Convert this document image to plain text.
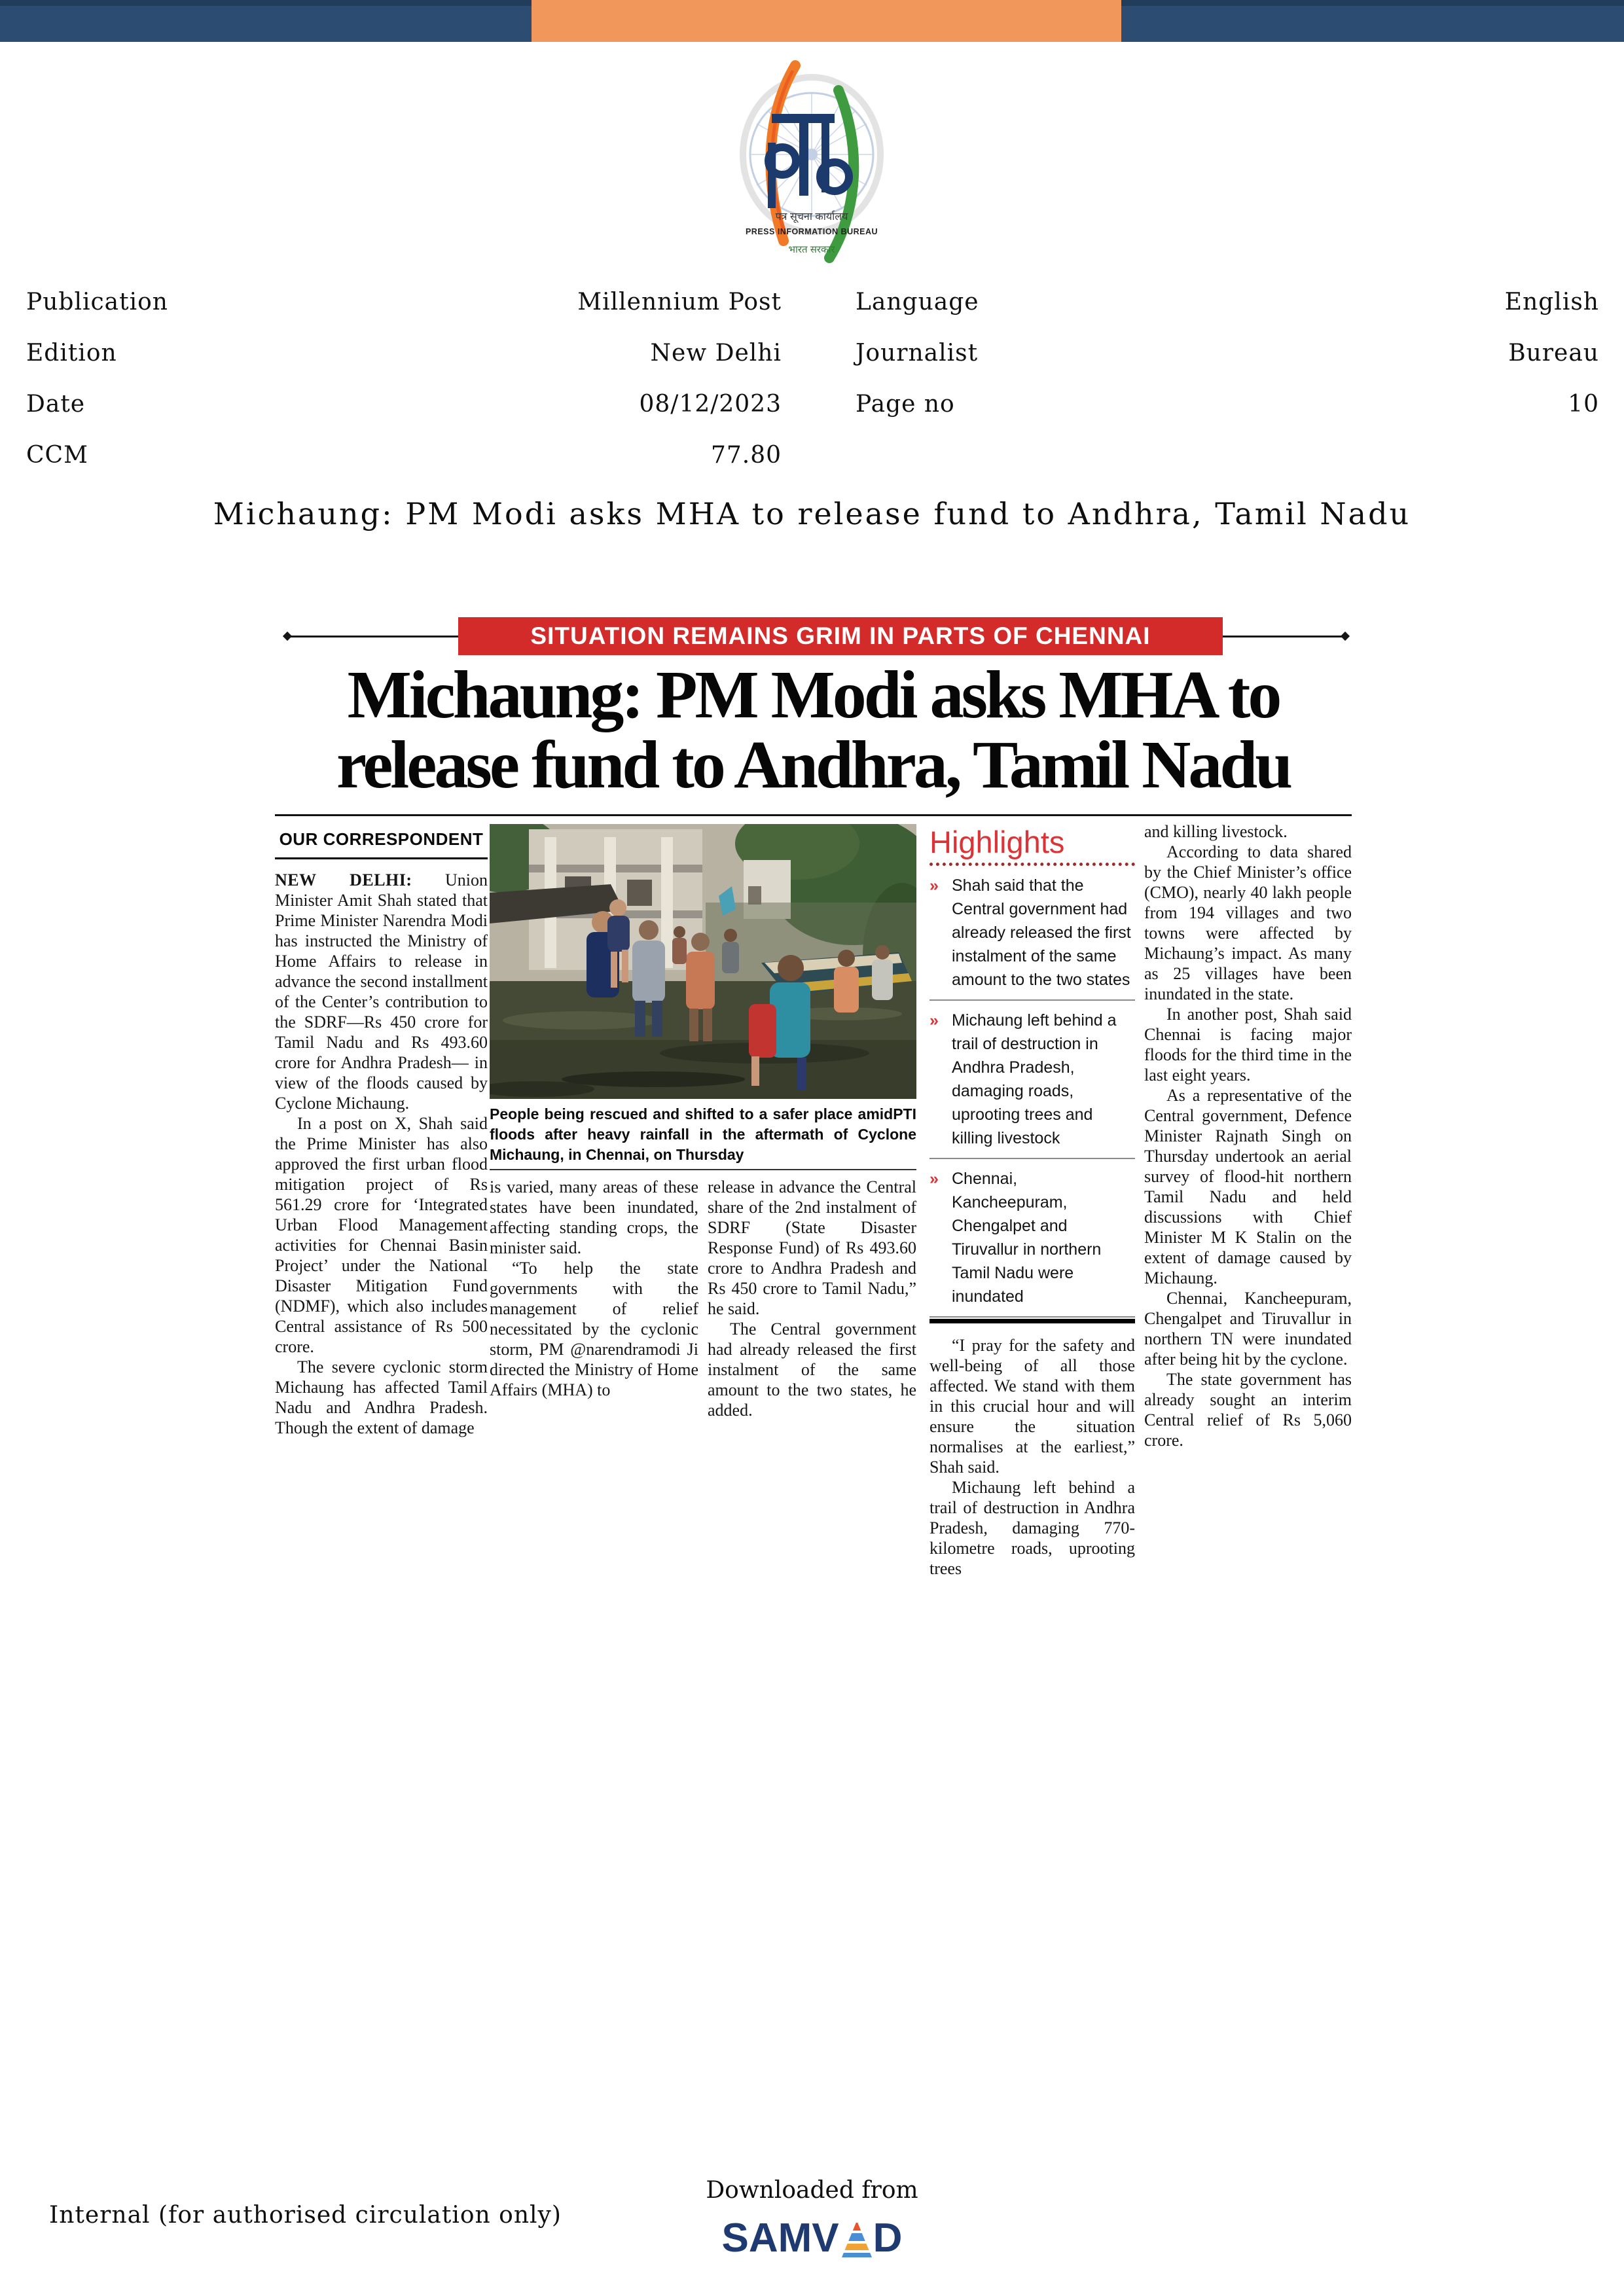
पत्र सूचना कार्यालय
PRESS INFORMATION BUREAU
भारत सरकार
Publication	Millennium Post	Language	English
Edition	New Delhi	Journalist	Bureau
Date	08/12/2023	Page no	10
CCM	77.80
Michaung: PM Modi asks MHA to release fund to Andhra, Tamil Nadu
SITUATION REMAINS GRIM IN PARTS OF CHENNAI
Michaung: PM Modi asks MHA to
release fund to Andhra, Tamil Nadu
OUR CORRESPONDENT

NEW DELHI: Union Minister Amit Shah stated that Prime Minister Narendra Modi has instructed the Ministry of Home Affairs to release in advance the second installment of the Center’s contribution to the SDRF—Rs 450 crore for Tamil Nadu and Rs 493.60 crore for Andhra Pradesh— in view of the floods caused by Cyclone Michaung.

In a post on X, Shah said the Prime Minister has also approved the first urban flood mitigation project of Rs 561.29 crore for ‘Integrated Urban Flood Management activities for Chennai Basin Project’ under the National Disaster Mitigation Fund (NDMF), which also includes Central assistance of Rs 500 crore.

The severe cyclonic storm Michaung has affected Tamil Nadu and Andhra Pradesh. Though the extent of damage

PTI
People being rescued and shifted to a safer place amid floods after heavy rainfall in the aftermath of Cyclone Michaung, in Chennai, on Thursday

is varied, many areas of these states have been inundated, affecting standing crops, the minister said.

“To help the state governments with the management of relief necessitated by the cyclonic storm, PM @narendramodi Ji directed the Ministry of Home Affairs (MHA) to

release in advance the Central share of the 2nd instalment of SDRF (State Disaster Response Fund) of Rs 493.60 crore to Andhra Pradesh and Rs 450 crore to Tamil Nadu,” he said.

The Central government had already released the first instalment of the same amount to the two states, he added.

Highlights
» Shah said that the Central government had already released the first instalment of the same amount to the two states
» Michaung left behind a trail of destruction in Andhra Pradesh, damaging roads, uprooting trees and killing livestock
» Chennai, Kancheepuram, Chengalpet and Tiruvallur in northern Tamil Nadu were inundated

“I pray for the safety and well-being of all those affected. We stand with them in this crucial hour and will ensure the situation normalises at the earliest,” Shah said.

Michaung left behind a trail of destruction in Andhra Pradesh, damaging 770-kilometre roads, uprooting trees

and killing livestock.

According to data shared by the Chief Minister’s office (CMO), nearly 40 lakh people from 194 villages and two towns were affected by Michaung’s impact. As many as 25 villages have been inundated in the state.

In another post, Shah said Chennai is facing major floods for the third time in the last eight years.

As a representative of the Central government, Defence Minister Rajnath Singh on Thursday undertook an aerial survey of flood-hit northern Tamil Nadu and held discussions with Chief Minister M K Stalin on the extent of damage caused by Michaung.

Chennai, Kancheepuram, Chengalpet and Tiruvallur in northern TN were inundated after being hit by the cyclone.

The state government has already sought an interim Central relief of Rs 5,060 crore.

Internal (for authorised circulation only)
Downloaded from
SAMV D
